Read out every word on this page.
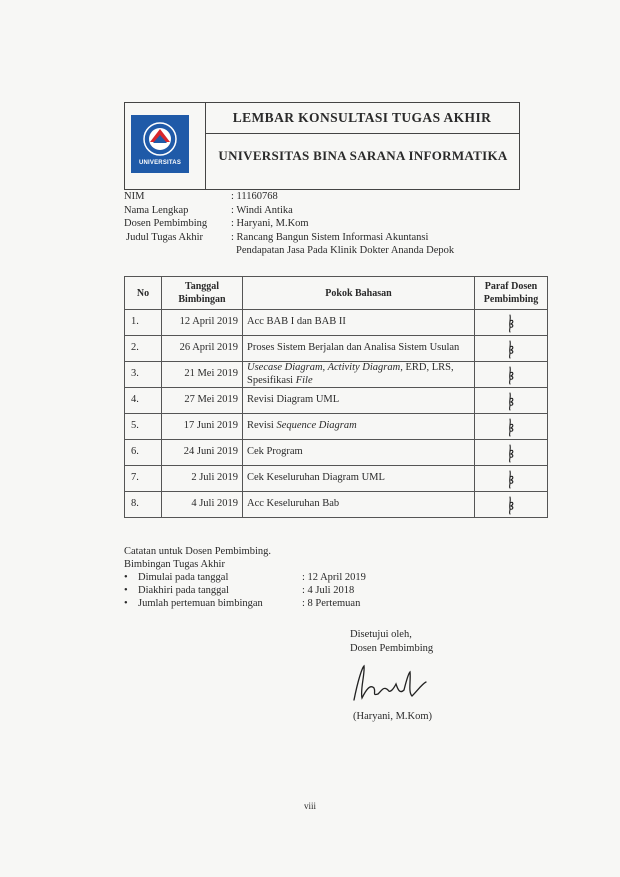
UNIVERSITAS
LEMBAR KONSULTASI TUGAS AKHIR
UNIVERSITAS BINA SARANA INFORMATIKA
NIM	: 11160768
Nama Lengkap	: Windi Antika
Dosen Pembimbing : Haryani, M.Kom
Judul Tugas Akhir	: Rancang Bangun Sistem Informasi Akuntansi
Pendapatan Jasa Pada Klinik Dokter Ananda Depok
No	Tanggal Bimbingan	Pokok Bahasan	Paraf Dosen Pembimbing
1.	12 April 2019	Acc BAB I dan BAB II	
2.	26 April 2019	Proses Sistem Berjalan dan Analisa Sistem Usulan	
3.	21 Mei 2019	Usecase Diagram, Activity Diagram, ERD, LRS, Spesifikasi File	
4.	27 Mei 2019	Revisi Diagram UML	
5.	17 Juni 2019	Revisi Sequence Diagram	
6.	24 Juni 2019	Cek Program	
7.	2 Juli 2019	Cek Keseluruhan Diagram UML	
8.	4 Juli 2019	Acc Keseluruhan Bab	
Catatan untuk Dosen Pembimbing.
Bimbingan Tugas Akhir
• Dimulai pada tanggal	: 12 April 2019
• Diakhiri pada tanggal	: 4 Juli 2018
• Jumlah pertemuan bimbingan	: 8 Pertemuan
Disetujui oleh,
Dosen Pembimbing
(Haryani, M.Kom)
viii
